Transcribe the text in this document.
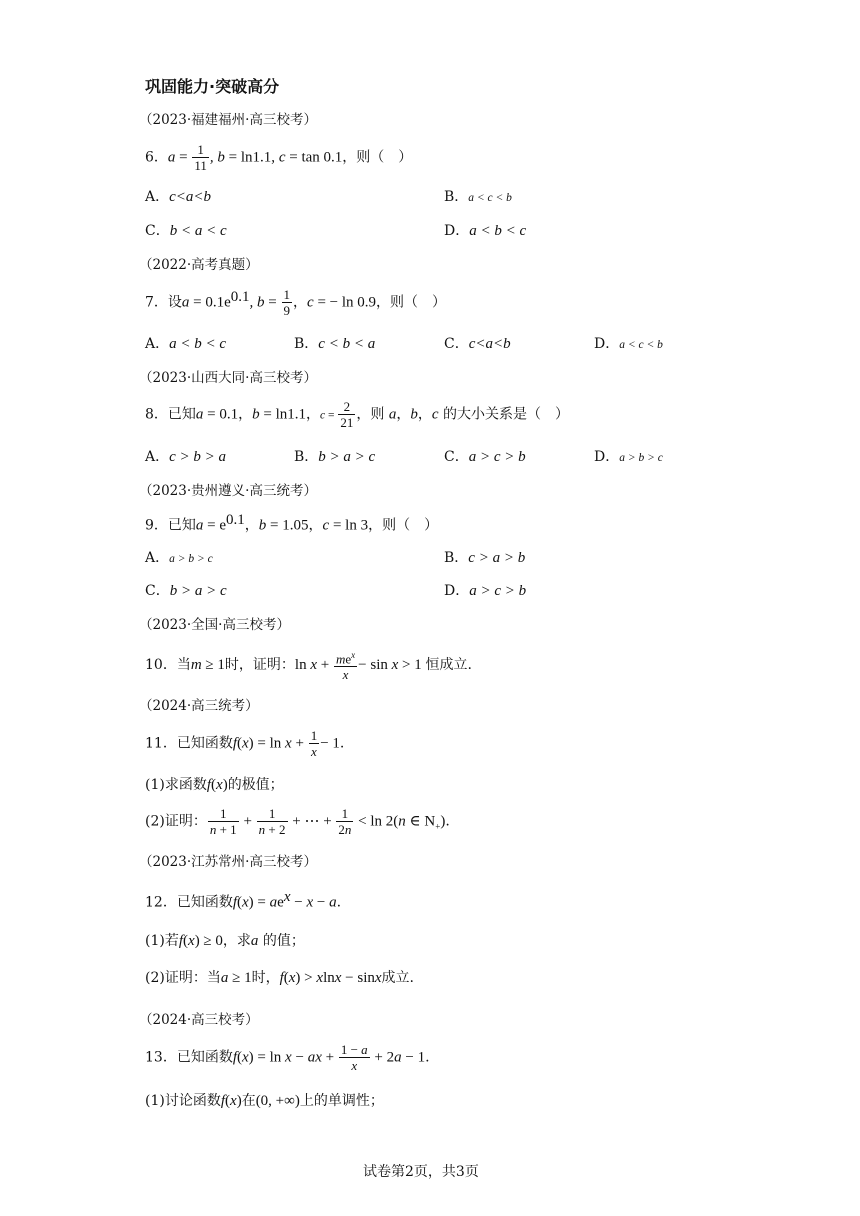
巩固能力·突破高分
（2023·福建福州·高三校考）
6．$a = \frac{1}{11}$ , b = ln1.1, c = tan 0.1，则（　）
A．c<a<b	B．a < c < b
C．b < a < c	D．a < b < c
（2022·高考真题）
7．设$a = 0.1e^{0.1}$, $b = \frac{1}{9}$ ，c = − ln 0.9，则（　）
A．a < b < c	B．c < b < a	C．c<a<b	D．a < c < b
（2023·山西大同·高三校考）
8．已知a = 0.1，b = ln1.1，$c = \frac{2}{21}$ ，则 a，b，c 的大小关系是（　）
A．c > b > a	B．b > a > c	C．a > c > b	D．a > b > c
（2023·贵州遵义·高三统考）
9．已知$a = e^{0.1}$，b = 1.05，c = ln 3，则（　）
A．a > b > c	B．c > a > b
C．b > a > c	D．a > c > b
（2023·全国·高三校考）
10．当m ≥ 1时，证明：$\ln x + \frac{me^x}{x} - \sin x > 1$ 恒成立.
（2024·高三统考）
11．已知函数$f(x) = \ln x + \frac{1}{x} - 1$.
(1)求函数f(x)的极值；
(2)证明： $\frac{1}{n + 1} + \frac{1}{n + 2}$ + ⋯ + $\frac{1}{2n} < \ln 2(n$ ∈ $N_+$).
（2023·江苏常州·高三校考）
12．已知函数$f(x) = ae^x - x - a$.
(1)若f(x) ≥ 0，求a 的值；
(2)证明：当a ≥ 1时，f(x) > xlnx − sinx成立.
（2024·高三校考）
13．已知函数f(x) = ln x − ax + $\frac{1 - a}{x} + 2a - 1$.
(1)讨论函数f(x)在(0, +∞)上的单调性；
试卷第2页，共3页
